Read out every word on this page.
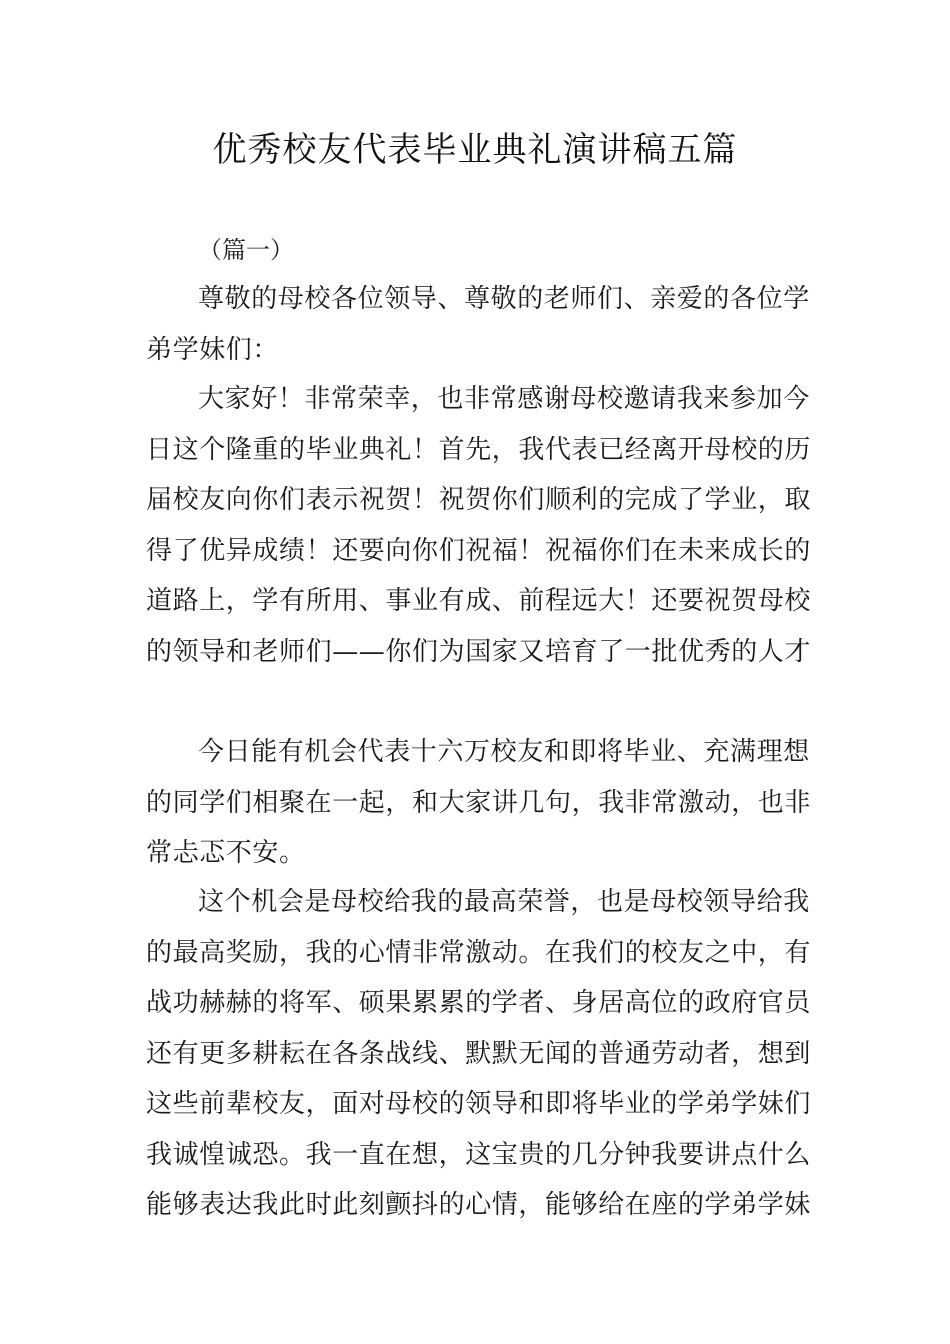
优秀校友代表毕业典礼演讲稿五篇
（篇一）

尊敬的母校各位领导、尊敬的老师们、亲爱的各位学弟学妹们：

大家好！非常荣幸，也非常感谢母校邀请我来参加今日这个隆重的毕业典礼！首先，我代表已经离开母校的历届校友向你们表示祝贺！祝贺你们顺利的完成了学业，取得了优异成绩！还要向你们祝福！祝福你们在未来成长的道路上，学有所用、事业有成、前程远大！还要祝贺母校的领导和老师们——你们为国家又培育了一批优秀的人才

今日能有机会代表十六万校友和即将毕业、充满理想的同学们相聚在一起，和大家讲几句，我非常激动，也非常忐忑不安。

这个机会是母校给我的最高荣誉，也是母校领导给我的最高奖励，我的心情非常激动。在我们的校友之中，有战功赫赫的将军、硕果累累的学者、身居高位的政府官员还有更多耕耘在各条战线、默默无闻的普通劳动者，想到这些前辈校友，面对母校的领导和即将毕业的学弟学妹们我诚惶诚恐。我一直在想，这宝贵的几分钟我要讲点什么能够表达我此时此刻颤抖的心情，能够给在座的学弟学妹
